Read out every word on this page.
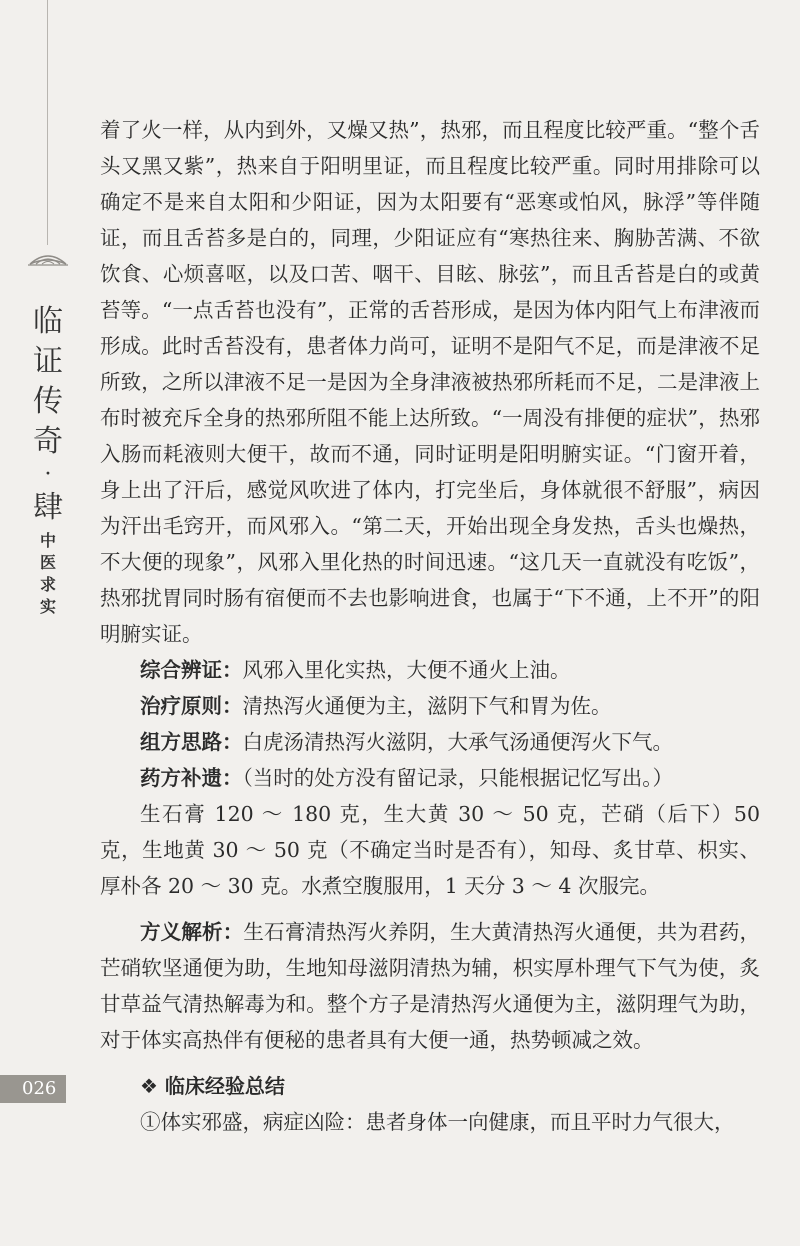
临
证
传
奇
·
肆
中
医
求
实
026

着了火一样，从内到外，又燥又热”，热邪，而且程度比较严重。“整个舌头又黑又紫”，热来自于阳明里证，而且程度比较严重。同时用排除可以确定不是来自太阳和少阳证，因为太阳要有“恶寒或怕风，脉浮”等伴随证，而且舌苔多是白的，同理，少阳证应有“寒热往来、胸胁苦满、不欲饮食、心烦喜呕，以及口苦、咽干、目眩、脉弦”，而且舌苔是白的或黄苔等。“一点舌苔也没有”，正常的舌苔形成，是因为体内阳气上布津液而形成。此时舌苔没有，患者体力尚可，证明不是阳气不足，而是津液不足所致，之所以津液不足一是因为全身津液被热邪所耗而不足，二是津液上布时被充斥全身的热邪所阻不能上达所致。“一周没有排便的症状”，热邪入肠而耗液则大便干，故而不通，同时证明是阳明腑实证。“门窗开着，身上出了汗后，感觉风吹进了体内，打完坐后，身体就很不舒服”，病因为汗出毛窍开，而风邪入。“第二天，开始出现全身发热，舌头也燥热，不大便的现象”，风邪入里化热的时间迅速。“这几天一直就没有吃饭”，热邪扰胃同时肠有宿便而不去也影响进食，也属于“下不通，上不开”的阳明腑实证。

综合辨证：风邪入里化实热，大便不通火上油。

治疗原则：清热泻火通便为主，滋阴下气和胃为佐。

组方思路：白虎汤清热泻火滋阴，大承气汤通便泻火下气。

药方补遗：（当时的处方没有留记录，只能根据记忆写出。）

生石膏 120 ～ 180 克，生大黄 30 ～ 50 克，芒硝（后下）50 克，生地黄 30 ～ 50 克（不确定当时是否有），知母、炙甘草、枳实、厚朴各 20 ～ 30 克。水煮空腹服用，1 天分 3 ～ 4 次服完。

方义解析：生石膏清热泻火养阴，生大黄清热泻火通便，共为君药，芒硝软坚通便为助，生地知母滋阴清热为辅，枳实厚朴理气下气为使，炙甘草益气清热解毒为和。整个方子是清热泻火通便为主，滋阴理气为助，对于体实高热伴有便秘的患者具有大便一通，热势顿减之效。

❖ 临床经验总结

①体实邪盛，病症凶险：患者身体一向健康，而且平时力气很大，
